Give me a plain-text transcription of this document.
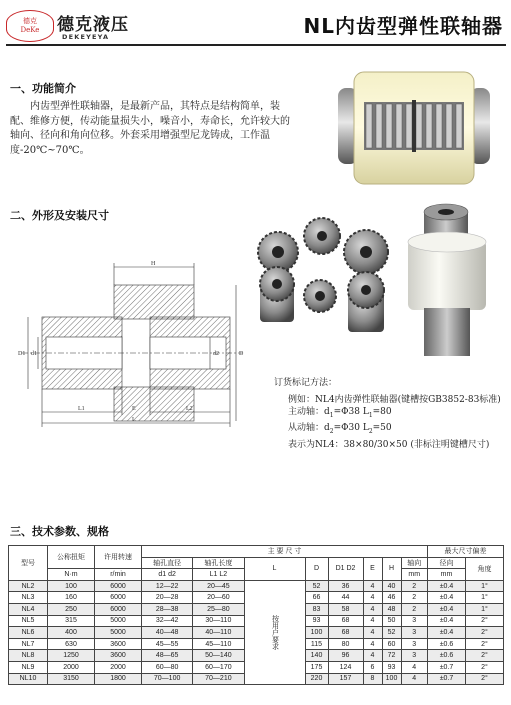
德克
DeKe 德克液压
DEKEYEYA	NL内齿型弹性联轴器
一、功能简介
内齿型弹性联轴器，是最新产品，其特点是结构简单，装配、维修方便，传动能量损失小，噪音小，寿命长，允许较大的轴向、径向和角向位移。外套采用增强型尼龙铸成，工作温度-20℃~70℃。
二、外形及安装尺寸
H
D1 d1	d2	D
L1	E	L2
L
订货标记方法：
例如：NL4内齿弹性联轴器(键槽按GB3852-83标准)
主动轴：$d_1=\Phi 38$ $L_1=80$
从动轴：$d_2=\Phi 30$ $L_2=50$
表示为NL4：38×80/30×50 (非标注明键槽尺寸)
三、技术参数、规格
型号	公称扭矩	许用转速	主 要 尺 寸								最大尺寸偏差	
			轴孔直径	轴孔长度	L	D	D1 D2	E	H	轴向	径向	角度
	N·m	r/min	d1 d2	L1 L2						mm	mm	
NL2	100	6000	12—22	20—45	按用户要求	52	36	4	40	2	±0.4	1°
NL3	160	6000	20—28	20—60		66	44	4	46	2	±0.4	1°
NL4	250	6000	28—38	25—80		83	58	4	48	2	±0.4	1°
NL5	315	5000	32—42	30—110		93	68	4	50	3	±0.4	2°
NL6	400	5000	40—48	40—110		100	68	4	52	3	±0.4	2°
NL7	630	3600	45—55	45—110		115	80	4	60	3	±0.6	2°
NL8	1250	3600	48—65	50—140		140	96	4	72	3	±0.6	2°
NL9	2000	2000	60—80	60—170		175	124	6	93	4	±0.7	2°
NL10	3150	1800	70—100	70—210		220	157	8	100	4	±0.7	2°
